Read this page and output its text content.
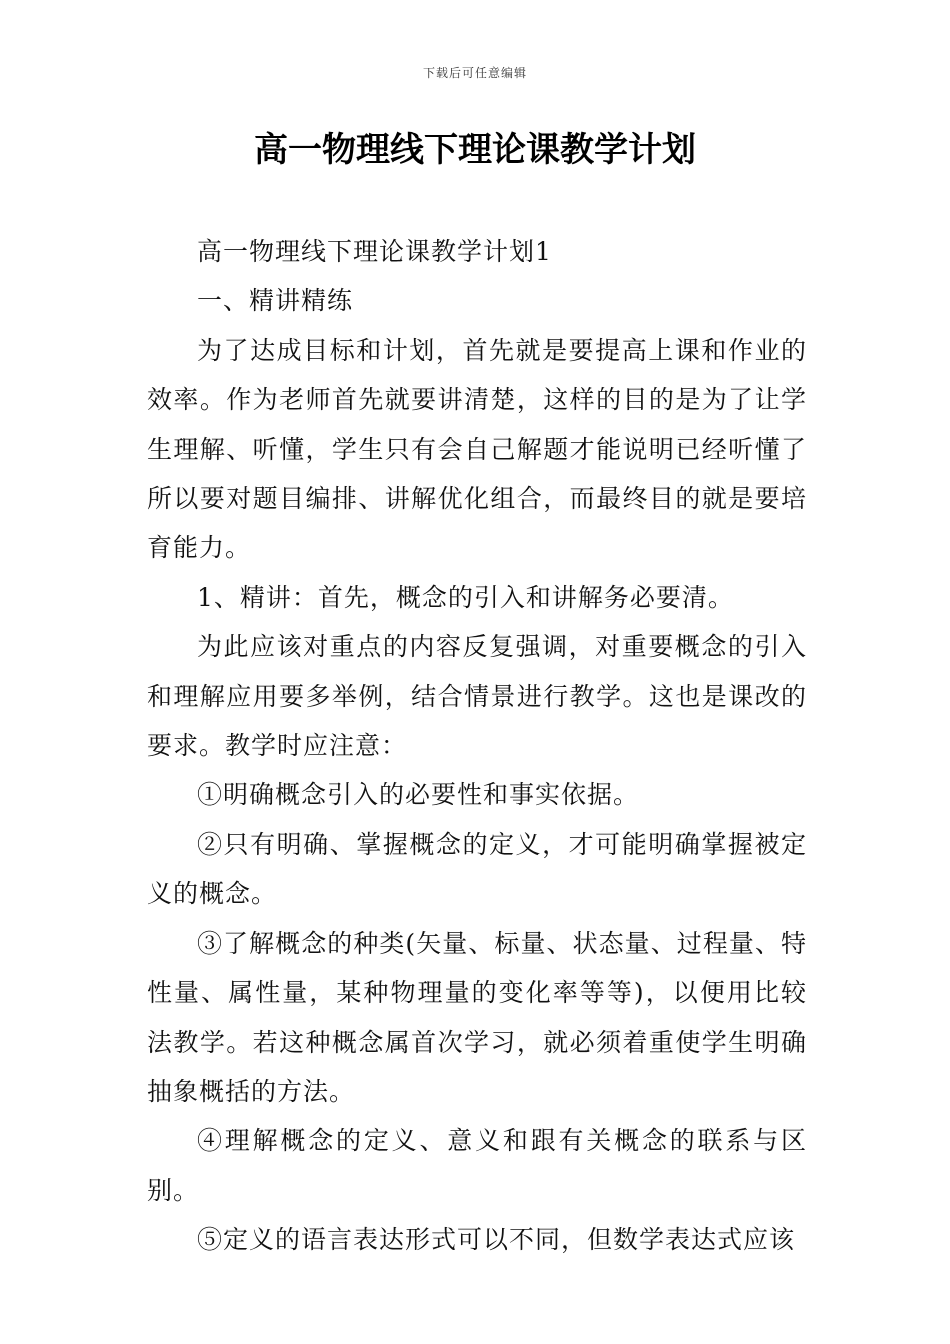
下载后可任意编辑
高一物理线下理论课教学计划

高一物理线下理论课教学计划1

一、精讲精练

为了达成目标和计划，首先就是要提高上课和作业的效率。作为老师首先就要讲清楚，这样的目的是为了让学生理解、听懂，学生只有会自己解题才能说明已经听懂了所以要对题目编排、讲解优化组合，而最终目的就是要培育能力。

1、精讲：首先，概念的引入和讲解务必要清。

为此应该对重点的内容反复强调，对重要概念的引入和理解应用要多举例，结合情景进行教学。这也是课改的要求。教学时应注意：

①明确概念引入的必要性和事实依据。

②只有明确、掌握概念的定义，才可能明确掌握被定义的概念。

③了解概念的种类(矢量、标量、状态量、过程量、特性量、属性量，某种物理量的变化率等等)，以便用比较法教学。若这种概念属首次学习，就必须着重使学生明确抽象概括的方法。

④理解概念的定义、意义和跟有关概念的联系与区别。

⑤定义的语言表达形式可以不同，但数学表达式应该
